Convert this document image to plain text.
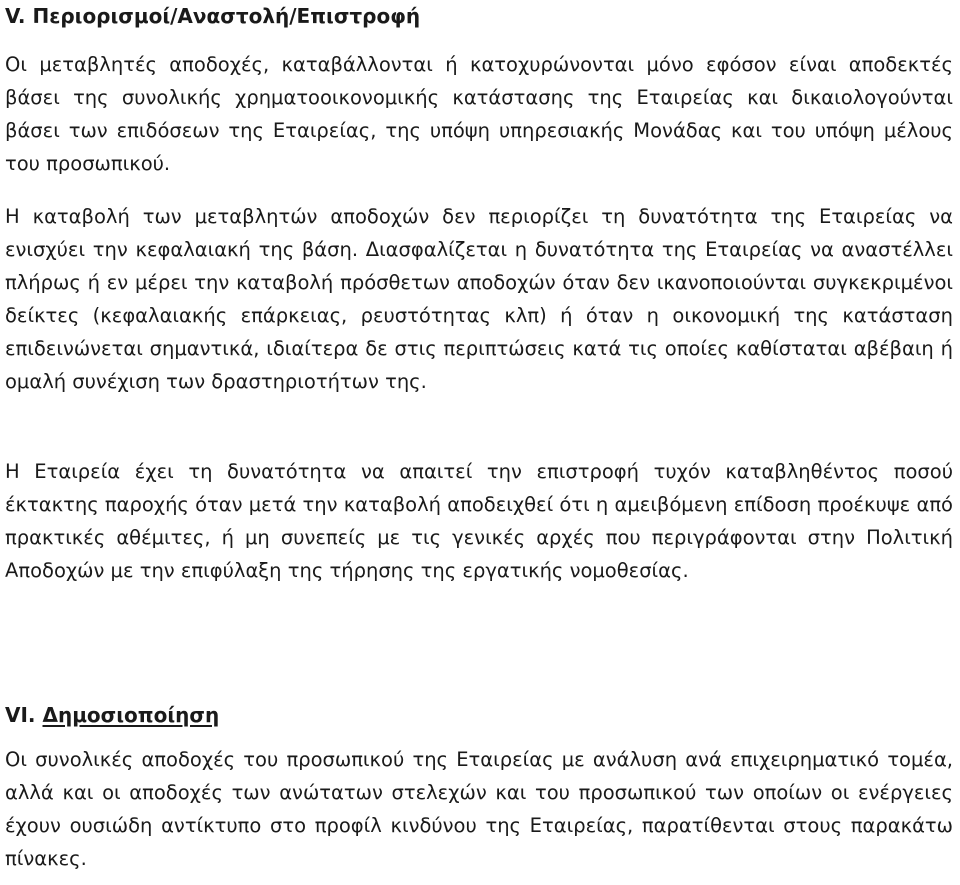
V. Περιορισμοί/Αναστολή/Επιστροφή

Οι μεταβλητές αποδοχές, καταβάλλονται ή κατοχυρώνονται μόνο εφόσον είναι αποδεκτές βάσει της συνολικής χρηματοοικονομικής κατάστασης της Εταιρείας και δικαιολογούνται βάσει των επιδόσεων της Εταιρείας, της υπόψη υπηρεσιακής Μονάδας και του υπόψη μέλους του προσωπικού.

Η καταβολή των μεταβλητών αποδοχών δεν περιορίζει τη δυνατότητα της Εταιρείας να ενισχύει την κεφαλαιακή της βάση. Διασφαλίζεται η δυνατότητα της Εταιρείας να αναστέλλει πλήρως ή εν μέρει την καταβολή πρόσθετων αποδοχών όταν δεν ικανοποιούνται συγκεκριμένοι δείκτες (κεφαλαιακής επάρκειας, ρευστότητας κλπ) ή όταν η οικονομική της κατάσταση επιδεινώνεται σημαντικά, ιδιαίτερα δε στις περιπτώσεις κατά τις οποίες καθίσταται αβέβαιη ή ομαλή συνέχιση των δραστηριοτήτων της.

Η Εταιρεία έχει τη δυνατότητα να απαιτεί την επιστροφή τυχόν καταβληθέντος ποσού έκτακτης παροχής όταν μετά την καταβολή αποδειχθεί ότι η αμειβόμενη επίδοση προέκυψε από πρακτικές αθέμιτες, ή μη συνεπείς με τις γενικές αρχές που περιγράφονται στην Πολιτική Αποδοχών με την επιφύλαξη της τήρησης της εργατικής νομοθεσίας.

VI. Δημοσιοποίηση

Οι συνολικές αποδοχές του προσωπικού της Εταιρείας με ανάλυση ανά επιχειρηματικό τομέα, αλλά και οι αποδοχές των ανώτατων στελεχών και του προσωπικού των οποίων οι ενέργειες έχουν ουσιώδη αντίκτυπο στο προφίλ κινδύνου της Εταιρείας, παρατίθενται στους παρακάτω πίνακες.
